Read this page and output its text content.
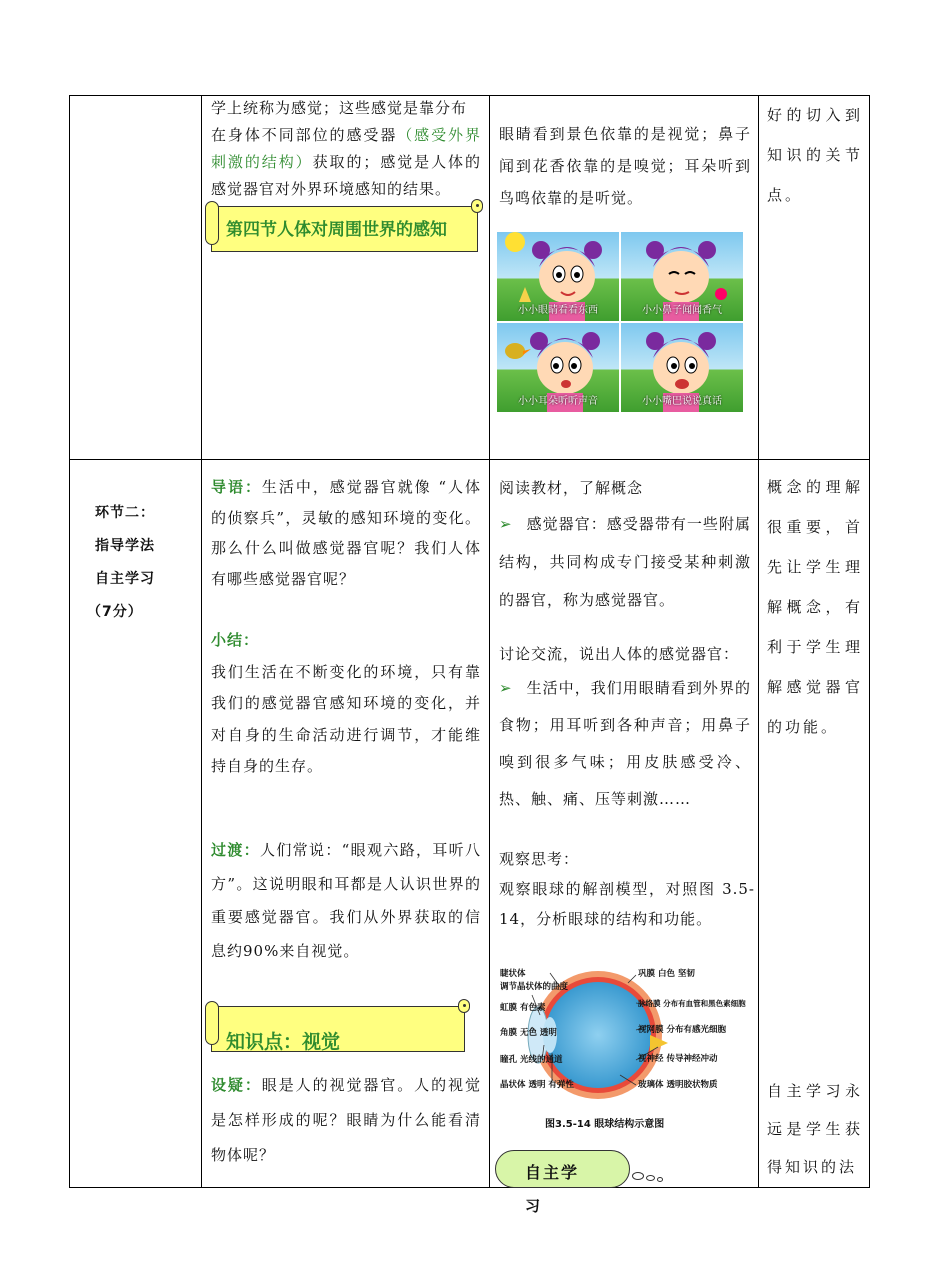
学上统称为感觉；这些感觉是靠分布
在身体不同部位的感受器（感受外界刺激的结构）获取的；感觉是人体的感觉器官对外界环境感知的结果。
第四节人体对周围世界的感知
眼睛看到景色依靠的是视觉；鼻子闻到花香依靠的是嗅觉；耳朵听到鸟鸣依靠的是听觉。
小小眼睛看看东西	小小鼻子闻闻香气
小小耳朵听听声音	小小嘴巴说说真话
好的切入到知识的关节点。
环节二：
指导学法
自主学习
（7分）
导语：生活中，感觉器官就像 “人体的侦察兵”，灵敏的感知环境的变化。那么什么叫做感觉器官呢？我们人体有哪些感觉器官呢？
小结：
我们生活在不断变化的环境，只有靠我们的感觉器官感知环境的变化，并对自身的生命活动进行调节，才能维持自身的生存。
过渡：人们常说：“眼观六路，耳听八方”。这说明眼和耳都是人认识世界的重要感觉器官。我们从外界获取的信息约90%来自视觉。
知识点：视觉
设疑：眼是人的视觉器官。人的视觉是怎样形成的呢？眼睛为什么能看清物体呢？
阅读教材，了解概念
➢ 感觉器官：感受器带有一些附属结构，共同构成专门接受某种刺激的器官，称为感觉器官。
讨论交流，说出人体的感觉器官：
➢ 生活中，我们用眼睛看到外界的食物；用耳听到各种声音；用鼻子嗅到很多气味；用皮肤感受冷、热、触、痛、压等刺激……
观察思考：
观察眼球的解剖模型，对照图 3.5-14，分析眼球的结构和功能。
睫状体
调节晶状体的曲度
虹膜 有色素
角膜 无色 透明
瞳孔 光线的通道
晶状体 透明 有弹性
巩膜 白色 坚韧
脉络膜 分布有血管和黑色素细胞
视网膜 分布有感光细胞
视神经 传导神经冲动
玻璃体 透明胶状物质
图3.5-14 眼球结构示意图
自主学
习
概念的理解很重要，首先让学生理解概念，有利于学生理解感觉器官的功能。
自主学习永远是学生获得知识的法
